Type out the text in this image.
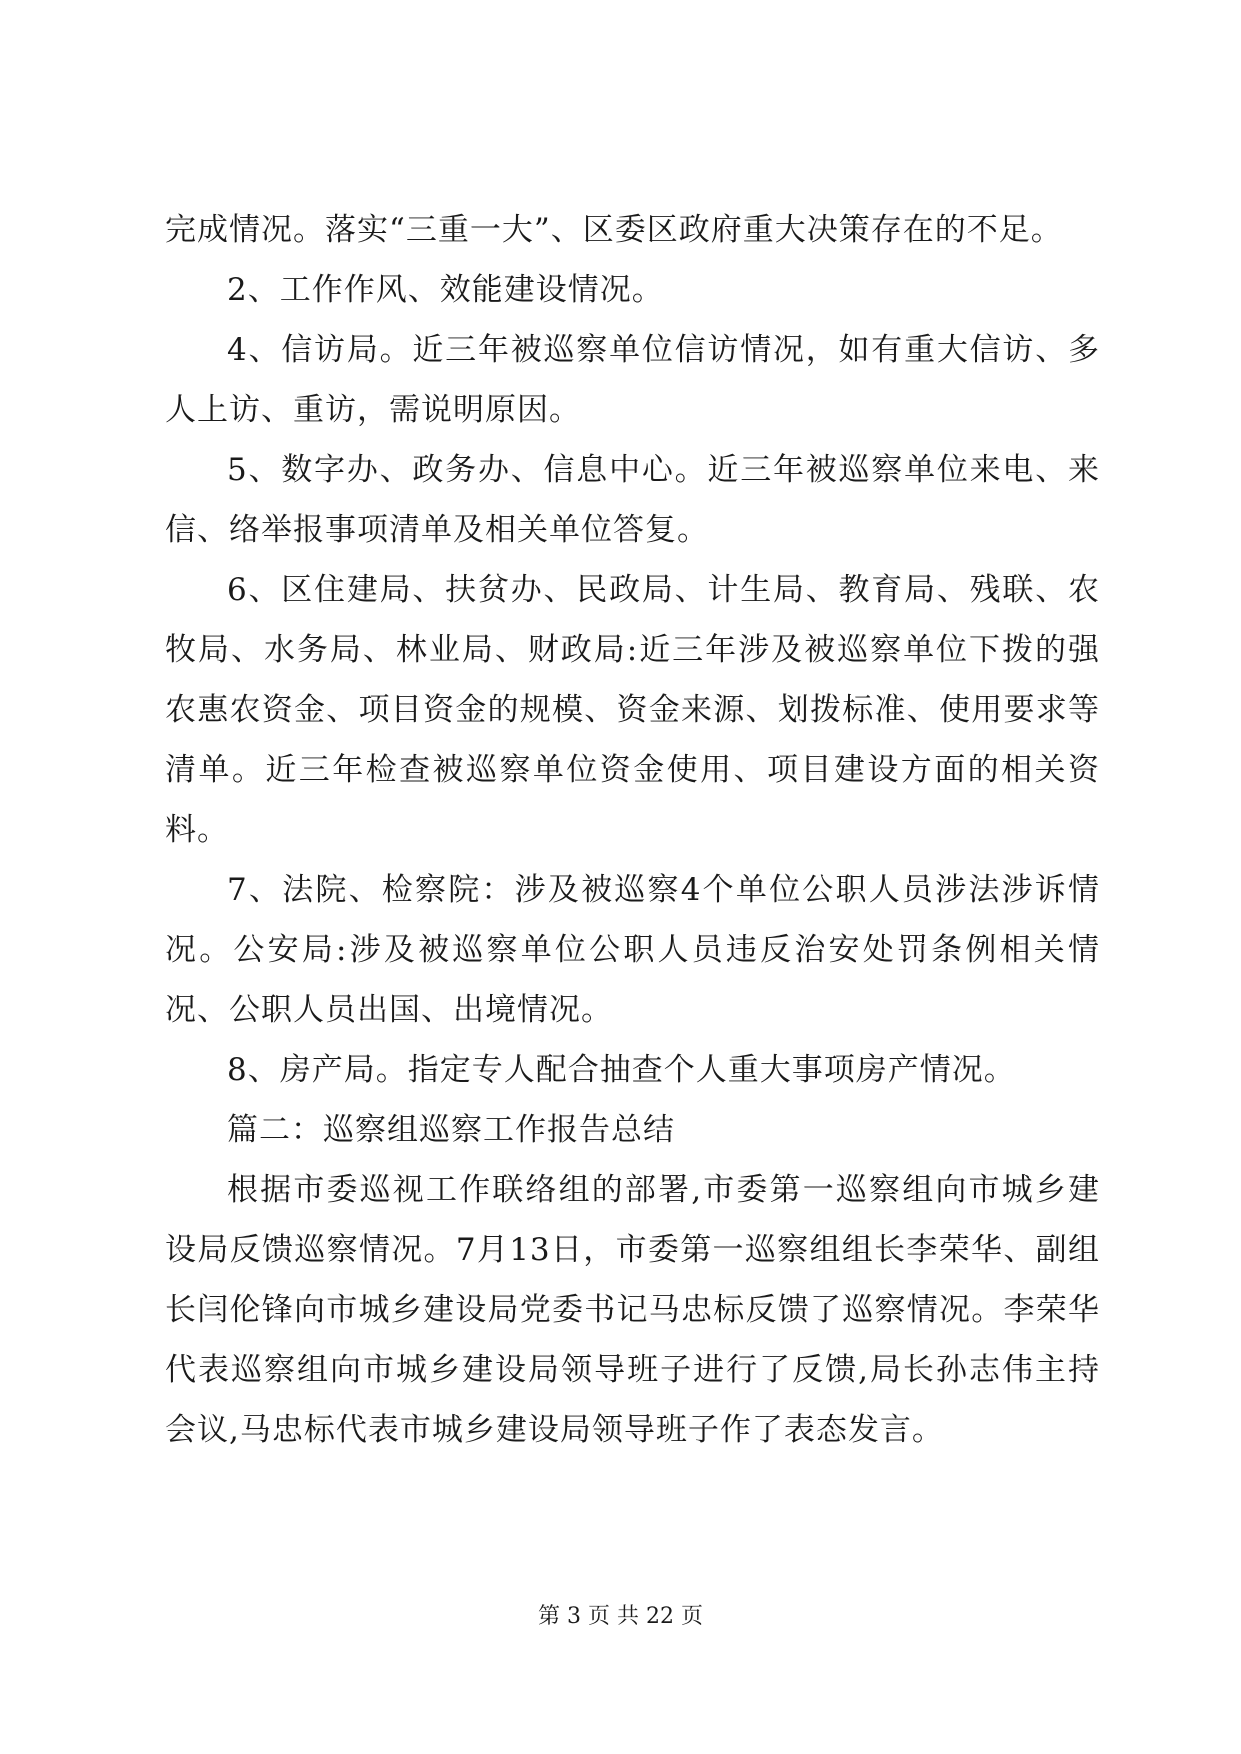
完成情况。落实“三重一大”、区委区政府重大决策存在的不足。

2、工作作风、效能建设情况。

4、信访局。近三年被巡察单位信访情况，如有重大信访、多人上访、重访，需说明原因。

5、数字办、政务办、信息中心。近三年被巡察单位来电、来信、络举报事项清单及相关单位答复。

6、区住建局、扶贫办、民政局、计生局、教育局、残联、农牧局、水务局、林业局、财政局:近三年涉及被巡察单位下拨的强农惠农资金、项目资金的规模、资金来源、划拨标准、使用要求等清单。近三年检查被巡察单位资金使用、项目建设方面的相关资料。

7、法院、检察院：涉及被巡察4个单位公职人员涉法涉诉情况。公安局:涉及被巡察单位公职人员违反治安处罚条例相关情况、公职人员出国、出境情况。

8、房产局。指定专人配合抽查个人重大事项房产情况。

篇二：巡察组巡察工作报告总结

根据市委巡视工作联络组的部署,市委第一巡察组向市城乡建设局反馈巡察情况。7月13日，市委第一巡察组组长李荣华、副组长闫伦锋向市城乡建设局党委书记马忠标反馈了巡察情况。李荣华代表巡察组向市城乡建设局领导班子进行了反馈,局长孙志伟主持会议,马忠标代表市城乡建设局领导班子作了表态发言。

第 3 页 共 22 页
